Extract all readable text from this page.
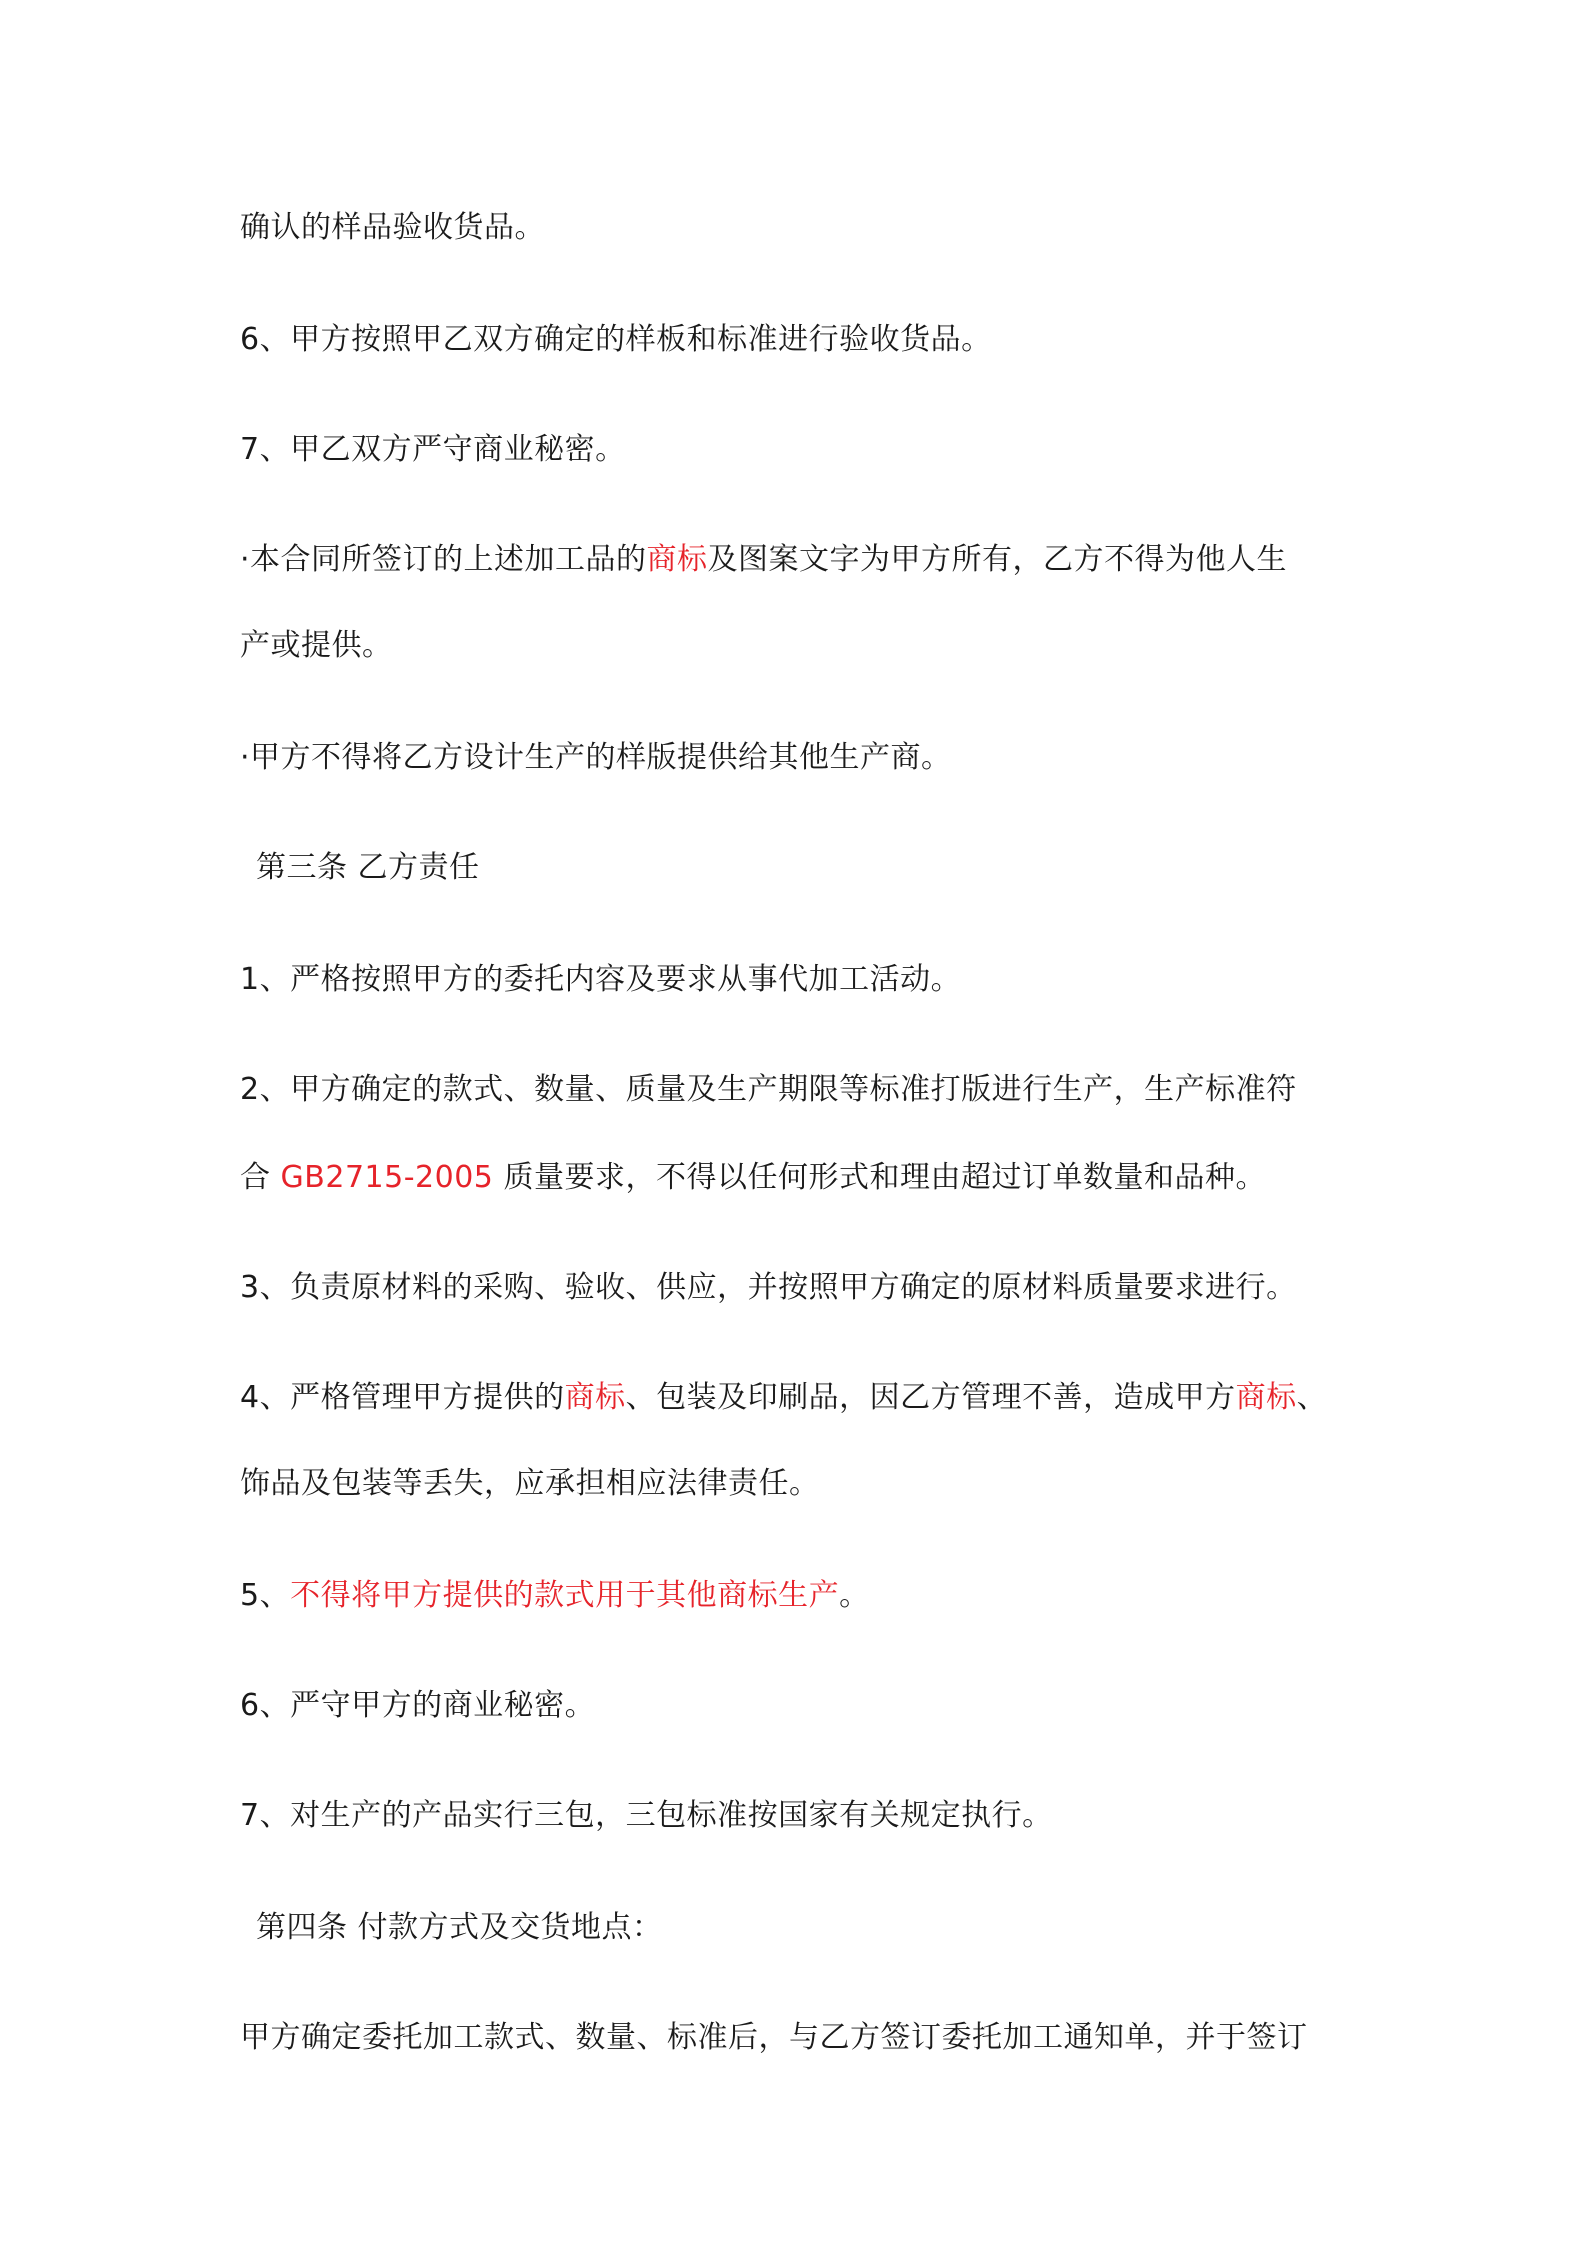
确认的样品验收货品。
6、甲方按照甲乙双方确定的样板和标准进行验收货品。
7、甲乙双方严守商业秘密。
·本合同所签订的上述加工品的商标及图案文字为甲方所有，乙方不得为他人生
产或提供。
·甲方不得将乙方设计生产的样版提供给其他生产商。
第三条 乙方责任
1、严格按照甲方的委托内容及要求从事代加工活动。
2、甲方确定的款式、数量、质量及生产期限等标准打版进行生产，生产标准符
合 GB2715-2005 质量要求，不得以任何形式和理由超过订单数量和品种。
3、负责原材料的采购、验收、供应，并按照甲方确定的原材料质量要求进行。
4、严格管理甲方提供的商标、包装及印刷品，因乙方管理不善，造成甲方商标、
饰品及包装等丢失，应承担相应法律责任。
5、不得将甲方提供的款式用于其他商标生产。
6、严守甲方的商业秘密。
7、对生产的产品实行三包，三包标准按国家有关规定执行。
第四条 付款方式及交货地点：
甲方确定委托加工款式、数量、标准后，与乙方签订委托加工通知单，并于签订
